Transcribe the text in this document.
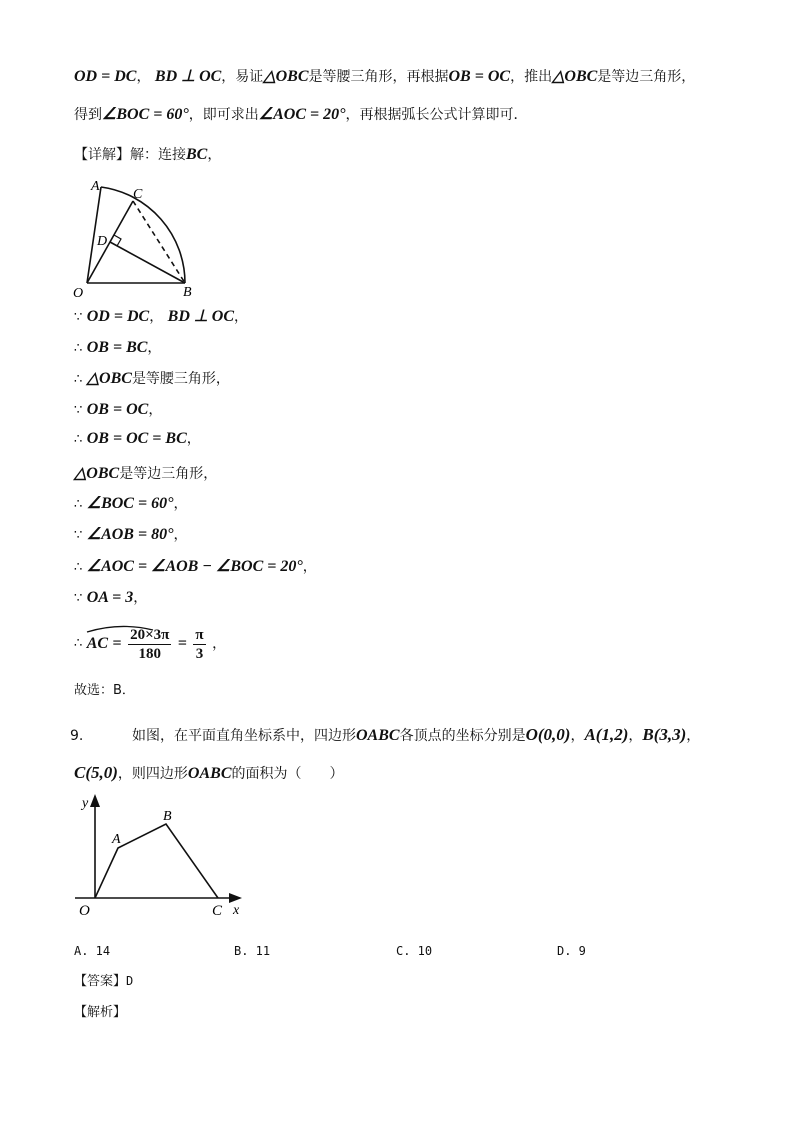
OD = DC， BD ⊥ OC，易证△OBC是等腰三角形，再根据OB = OC，推出△OBC是等边三角形，
得到∠BOC = 60°，即可求出∠AOC = 20°，再根据弧长公式计算即可．
【详解】解：连接BC，
A
C
D
O	B
∵ OD = DC， BD ⊥ OC，
∴ OB = BC，
∴ △OBC是等腰三角形，
∵ OB = OC，
∴ OB = OC = BC，
△OBC是等边三角形，
∴ ∠BOC = 60°，
∵ ∠AOB = 80°，
∴ ∠AOC = ∠AOB − ∠BOC = 20°，
∵ OA = 3，
∴ AC = $\frac{20\times 3\pi}{180} = \frac{\pi}{3}$ ，
故选：B．
9.	如图，在平面直角坐标系中，四边形OABC各顶点的坐标分别是O(0,0)，A(1,2)，B(3,3)，
C(5,0)，则四边形OABC的面积为（　　）
y
A
B
O	C x
A. 14	B. 11	C. 10	D. 9
【答案】D
【解析】
